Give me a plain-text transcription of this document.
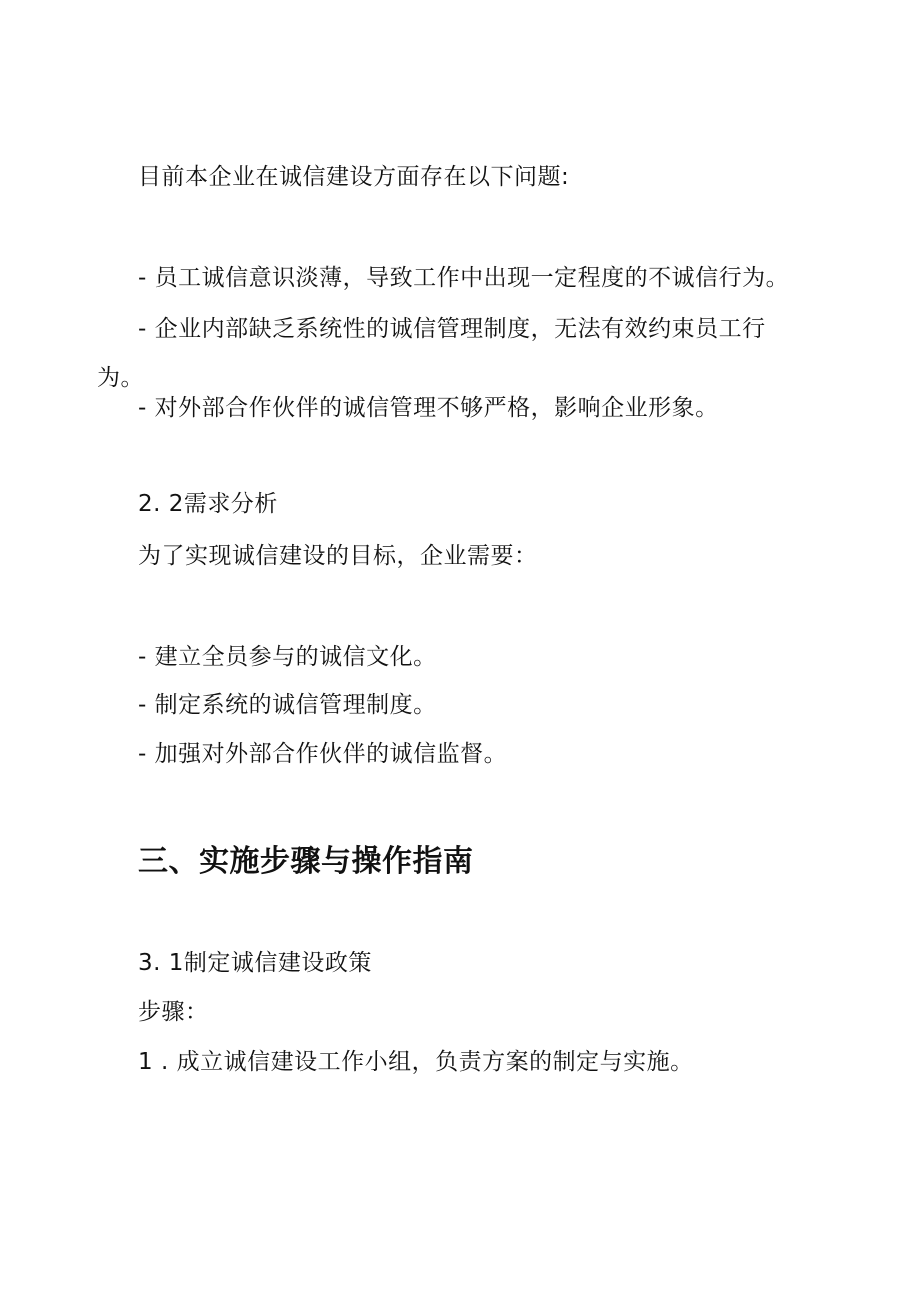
目前本企业在诚信建设方面存在以下问题:
- 员工诚信意识淡薄，导致工作中出现一定程度的不诚信行为。
- 企业内部缺乏系统性的诚信管理制度，无法有效约束员工行
为。
- 对外部合作伙伴的诚信管理不够严格，影响企业形象。
2. 2需求分析
为了实现诚信建设的目标，企业需要：
- 建立全员参与的诚信文化。
- 制定系统的诚信管理制度。
- 加强对外部合作伙伴的诚信监督。
三、实施步骤与操作指南
3. 1制定诚信建设政策
步骤：
1 . 成立诚信建设工作小组，负责方案的制定与实施。
